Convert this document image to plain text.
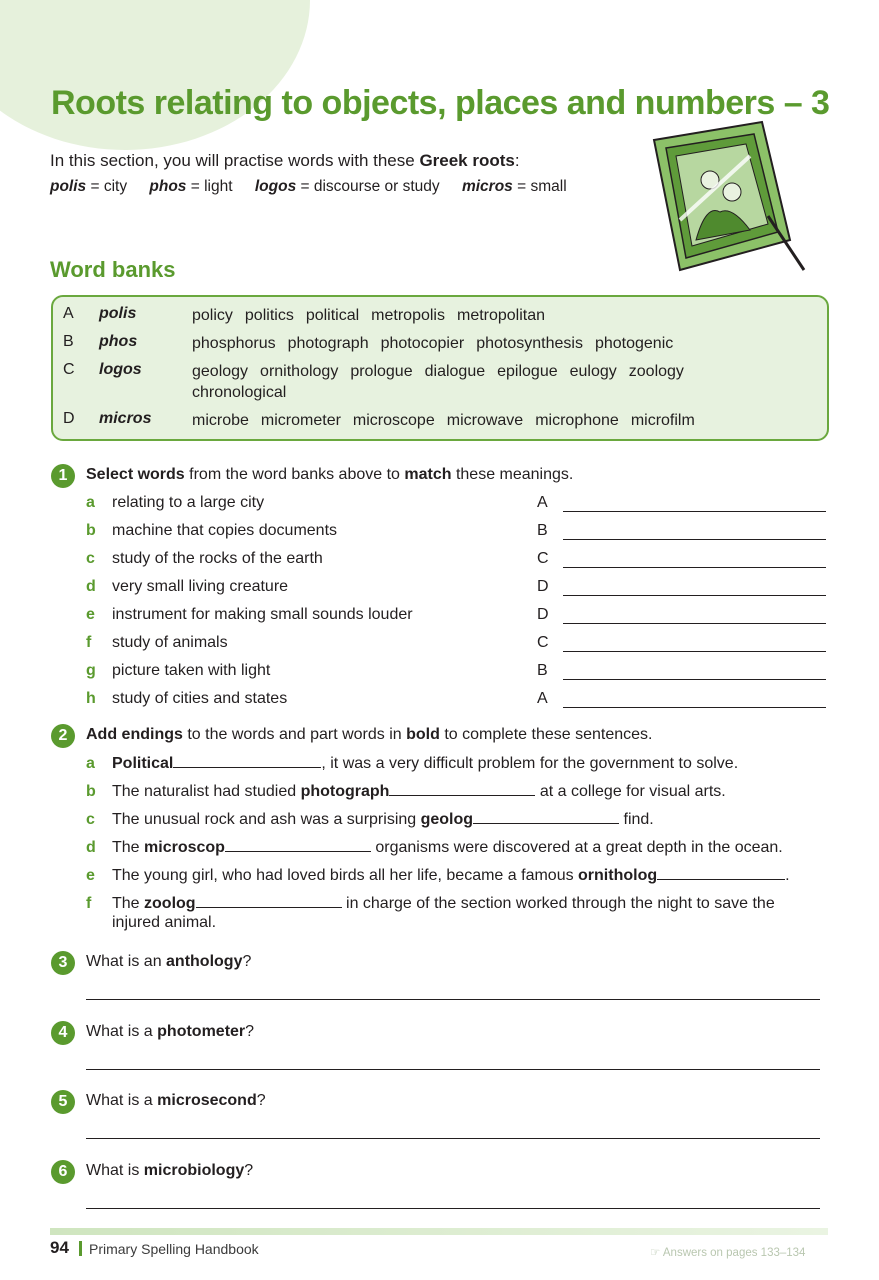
Roots relating to objects, places and numbers – 3

In this section, you will practise words with these Greek roots:

polis = city phos = light logos = discourse or study micros = small
Word banks
A	polis	policy politics political metropolis metropolitan
B	phos	phosphorus photograph photocopier photosynthesis photogenic
C	logos	geology ornithology prologue dialogue epilogue eulogy zoology
chronological
D	micros	microbe micrometer microscope microwave microphone microfilm
1	Select words from the word banks above to match these meanings.
a relating to a large city	A
b machine that copies documents	B
c study of the rocks of the earth	C
d very small living creature	D
e instrument for making small sounds louder	D
f study of animals	C
g picture taken with light	B
h study of cities and states	A
2	Add endings to the words and part words in bold to complete these sentences.
a Political	, it was a very difficult problem for the government to solve.
b The naturalist had studied photograph	at a college for visual arts.
c The unusual rock and ash was a surprising geolog	find.
d The microscop	organisms were discovered at a great depth in the ocean.
e The young girl, who had loved birds all her life, became a famous ornitholog	.
f The zoolog	in charge of the section worked through the night to save the
injured animal.
3	What is an anthology?
4	What is a photometer?
5	What is a microsecond?
6	What is microbiology?
94 Primary Spelling Handbook	☞ Answers on pages 133–134
